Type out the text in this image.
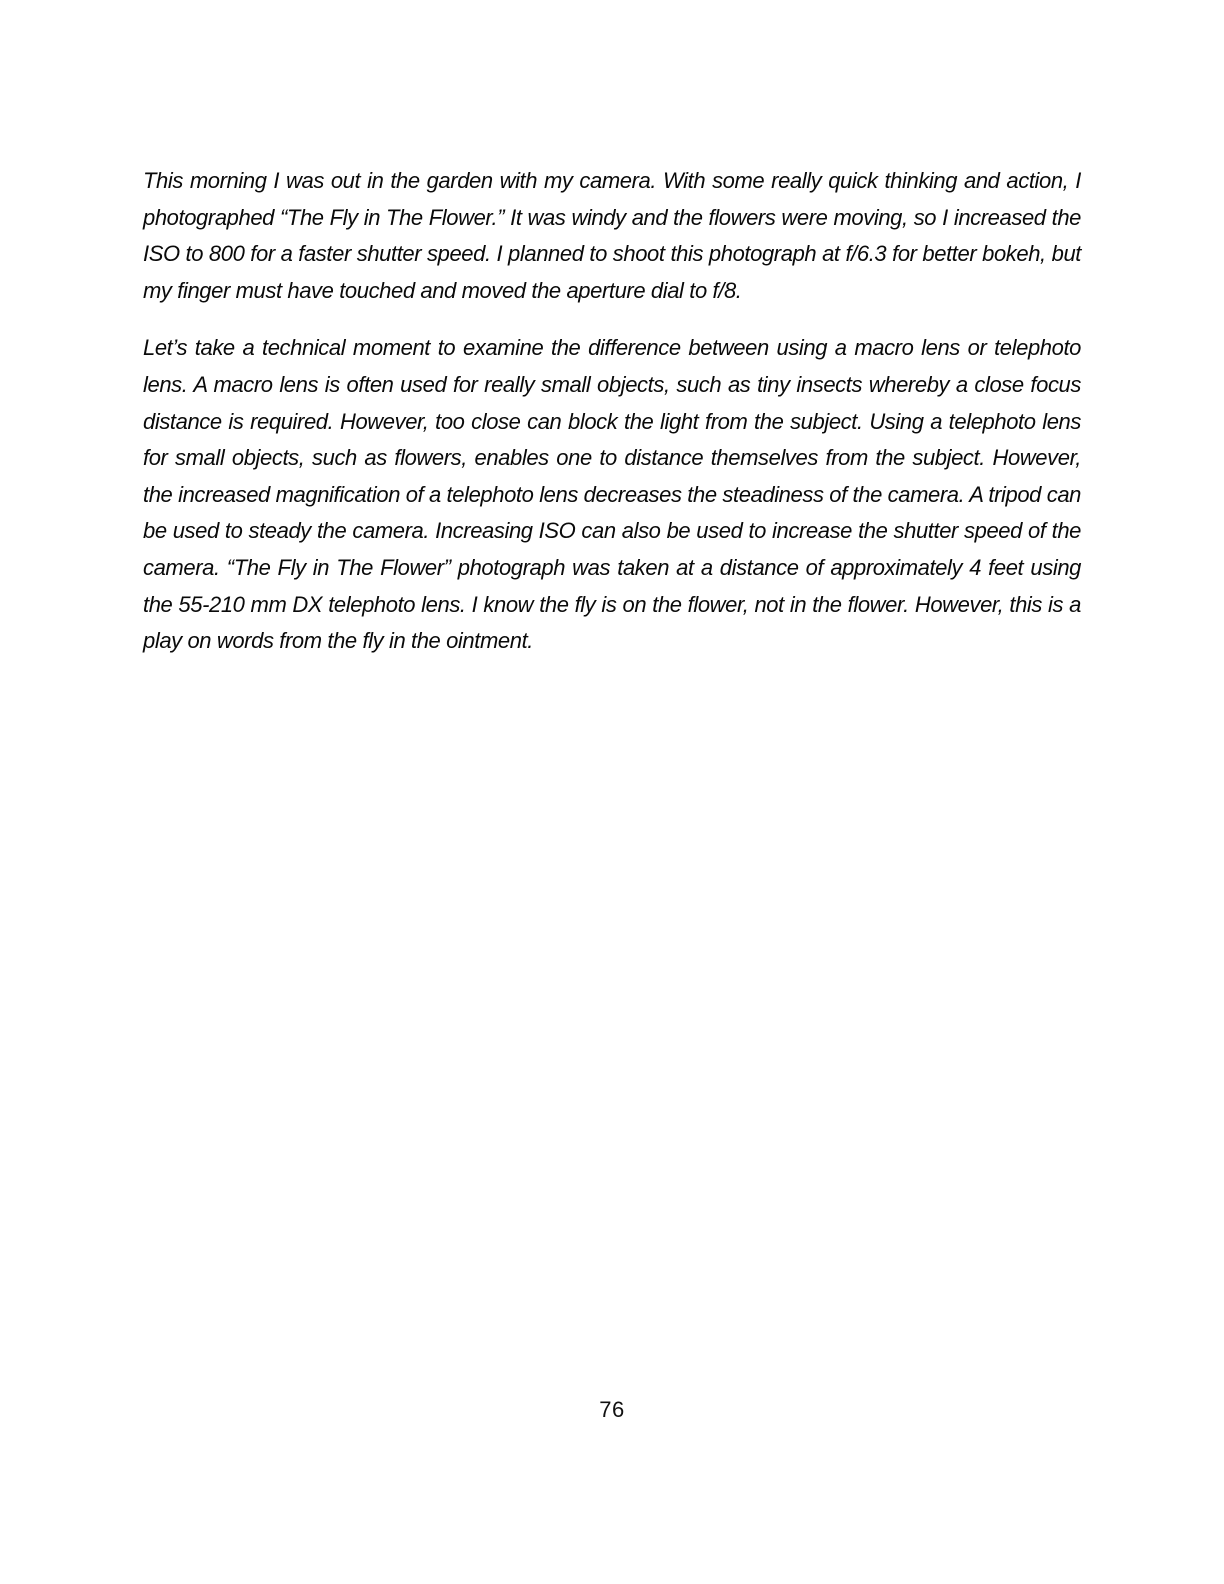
This morning I was out in the garden with my camera. With some really quick thinking and action, I photographed “The Fly in The Flower.” It was windy and the flowers were moving, so I increased the ISO to 800 for a faster shutter speed. I planned to shoot this photograph at f/6.3 for better bokeh, but my finger must have touched and moved the aperture dial to f/8.

Let’s take a technical moment to examine the difference between using a macro lens or telephoto lens. A macro lens is often used for really small objects, such as tiny insects whereby a close focus distance is required. However, too close can block the light from the subject. Using a telephoto lens for small objects, such as flowers, enables one to distance themselves from the subject. However, the increased magnification of a telephoto lens decreases the steadiness of the camera. A tripod can be used to steady the camera. Increasing ISO can also be used to increase the shutter speed of the camera. “The Fly in The Flower” photograph was taken at a distance of approximately 4 feet using the 55-210 mm DX telephoto lens. I know the fly is on the flower, not in the flower. However, this is a play on words from the fly in the ointment.

76
